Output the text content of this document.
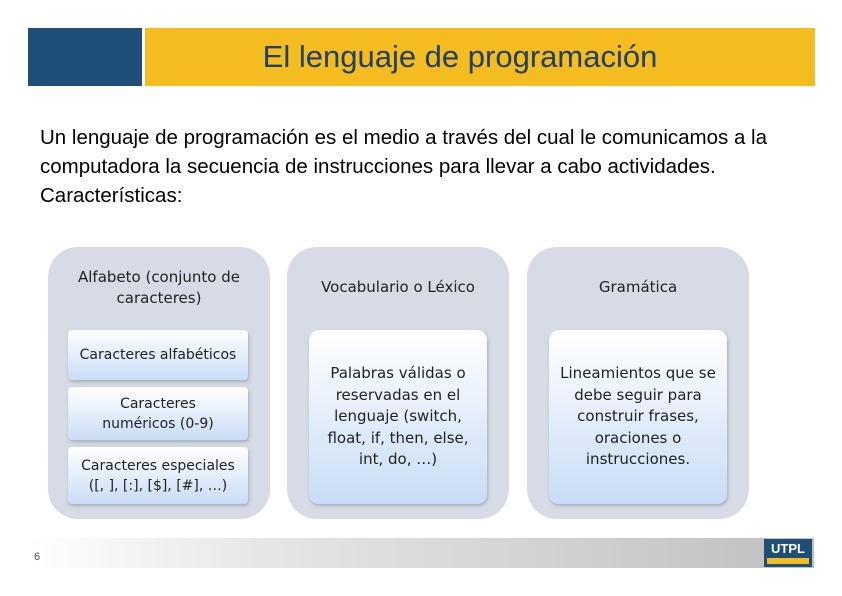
El lenguaje de programación

Un lenguaje de programación es el medio a través del cual le comunicamos a la computadora la secuencia de instrucciones para llevar a cabo actividades.

Características:

Alfabeto (conjunto de caracteres)
Caracteres alfabéticos
Caracteres numéricos (0-9)
Caracteres especiales ([, ], [:], [$], [#], …)
Vocabulario o Léxico
Palabras válidas o reservadas en el lenguaje (switch, float, if, then, else, int, do, …)
Gramática
Lineamientos que se debe seguir para construir frases, oraciones o instrucciones.
6
UTPL
